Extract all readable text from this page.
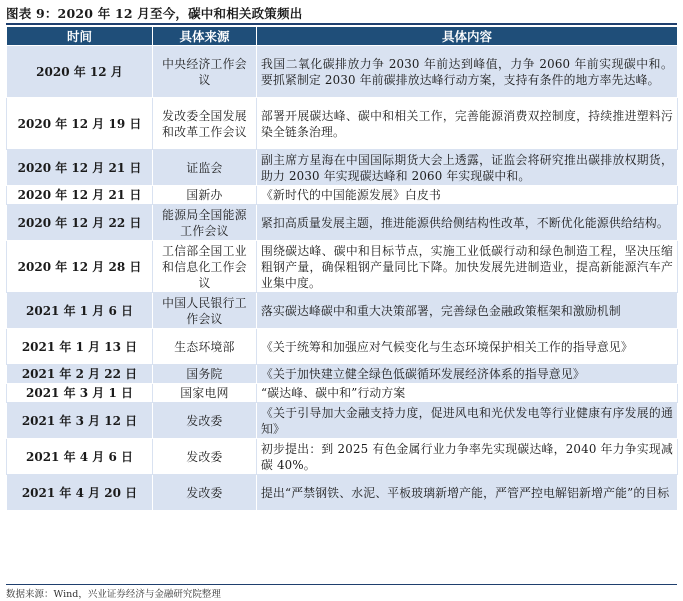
图表 9：2020 年 12 月至今，碳中和相关政策频出
时间	具体来源	具体内容
2020 年 12 月	中央经济工作会议	我国二氧化碳排放力争 2030 年前达到峰值，力争 2060 年前实现碳中和。要抓紧制定 2030 年前碳排放达峰行动方案，支持有条件的地方率先达峰。
2020 年 12 月 19 日	发改委全国发展和改革工作会议	部署开展碳达峰、碳中和相关工作，完善能源消费双控制度，持续推进塑料污染全链条治理。
2020 年 12 月 21 日	证监会	副主席方星海在中国国际期货大会上透露，证监会将研究推出碳排放权期货，助力 2030 年实现碳达峰和 2060 年实现碳中和。
2020 年 12 月 21 日	国新办	《新时代的中国能源发展》白皮书
2020 年 12 月 22 日	能源局全国能源工作会议	紧扣高质量发展主题，推进能源供给侧结构性改革，不断优化能源供给结构。
2020 年 12 月 28 日	工信部全国工业和信息化工作会议	围绕碳达峰、碳中和目标节点，实施工业低碳行动和绿色制造工程，坚决压缩粗钢产量，确保粗钢产量同比下降。加快发展先进制造业，提高新能源汽车产业集中度。
2021 年 1 月 6 日	中国人民银行工作会议	落实碳达峰碳中和重大决策部署，完善绿色金融政策框架和激励机制
2021 年 1 月 13 日	生态环境部	《关于统筹和加强应对气候变化与生态环境保护相关工作的指导意见》
2021 年 2 月 22 日	国务院	《关于加快建立健全绿色低碳循环发展经济体系的指导意见》
2021 年 3 月 1 日	国家电网	“碳达峰、碳中和”行动方案
2021 年 3 月 12 日	发改委	《关于引导加大金融支持力度，促进风电和光伏发电等行业健康有序发展的通知》
2021 年 4 月 6 日	发改委	初步提出：到 2025 有色金属行业力争率先实现碳达峰，2040 年力争实现减碳 40%。
2021 年 4 月 20 日	发改委	提出“严禁钢铁、水泥、平板玻璃新增产能，严管严控电解铝新增产能”的目标
数据来源：Wind，兴业证券经济与金融研究院整理
